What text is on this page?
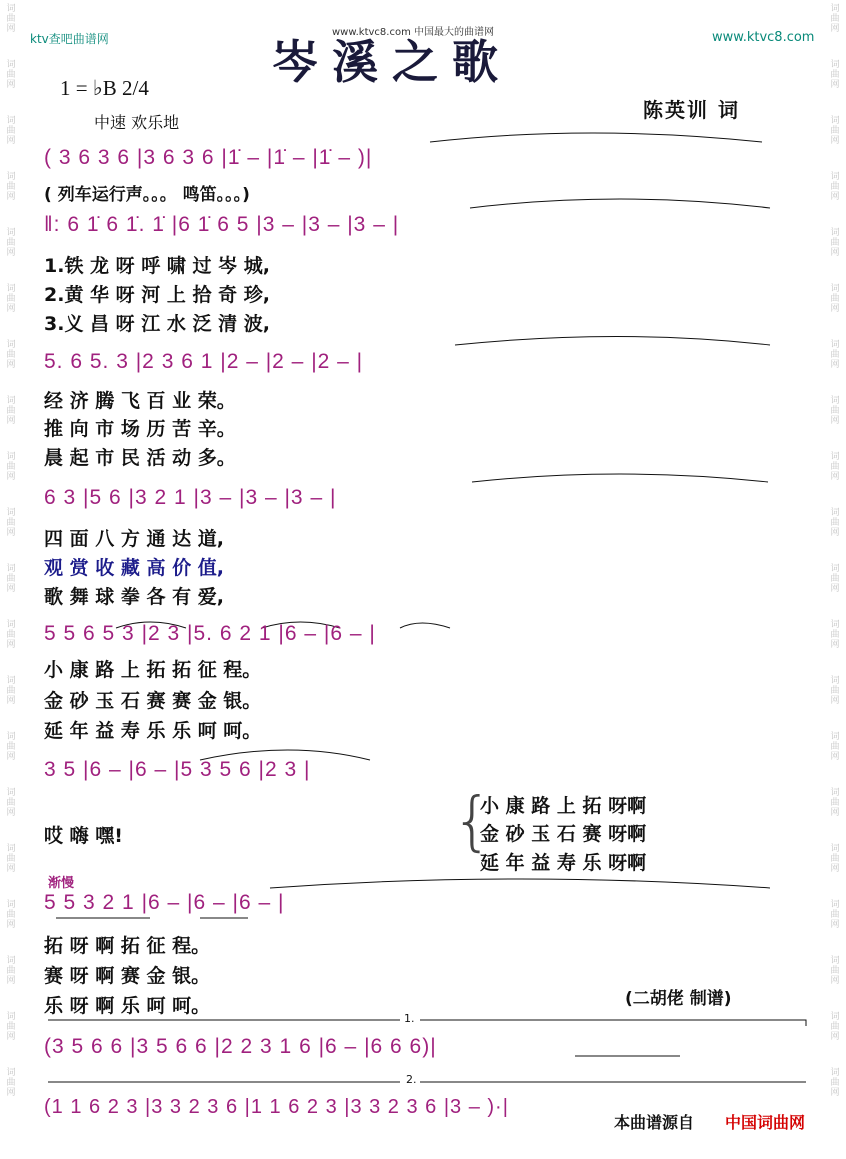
词
曲
网
词
曲
网
词
曲
网
词
曲
网
词
曲
网
词
曲
网
词
曲
网
词
曲
网
词
曲
网
词
曲
网
词
曲
网
词
曲
网
词
曲
网
词
曲
网
词
曲
网
词
曲
网
词
曲
网
词
曲
网
词
曲
网
词
曲
网
词
曲
网
词
曲
网
词
曲
网
词
曲
网
词
曲
网
词
曲
网
词
曲
网
词
曲
网
词
曲
网
词
曲
网
词
曲
网
词
曲
网
词
曲
网
词
曲
网
词
曲
网
词
曲
网
词
曲
网
词
曲
网
词
曲
网
词
曲
网
ktv查吧曲谱网	www.ktvc8.com 中国最大的曲谱网	www.ktvc8.com
岑溪之歌
1 = ♭B 2/4
中速 欢乐地
陈英训 词
( 3 6 3 6 |3 6 3 6 |1̇ – |1̇ – |1̇ – )|
( 列车运行声。。。 鸣笛。。。)
‖: 6 1̇ 6 1̇. 1̇ |6 1̇ 6 5 |3 – |3 – |3 – |
1.铁 龙 呀 呼 啸 过 岑 城,
2.黄 华 呀 河 上 拾 奇 珍,
3.义 昌 呀 江 水 泛 清 波,
5. 6 5. 3 |2 3 6 1 |2 – |2 – |2 – |
经 济 腾 飞 百 业 荣。
推 向 市 场 历 苦 辛。
晨 起 市 民 活 动 多。
6 3 |5 6 |3 2 1 |3 – |3 – |3 – |
四 面 八 方 通 达 道,
观 赏 收 藏 高 价 值,
歌 舞 球 拳 各 有 爱,
5 5 6 5 3 |2 3 |5. 6 2 1 |6 – |6 – |
小 康 路 上 拓 拓 征 程。
金 砂 玉 石 赛 赛 金 银。
延 年 益 寿 乐 乐 呵 呵。
3 5 |6 – |6 – |5 3 5 6 |2 3 |
哎 嗨 嘿!	{
小 康 路 上 拓 呀啊
金 砂 玉 石 赛 呀啊
延 年 益 寿 乐 呀啊
渐慢
5 5 3 2 1 |6 – |6 – |6 – |
拓 呀 啊 拓 征 程。
赛 呀 啊 赛 金 银。
乐 呀 啊 乐 呵 呵。	(二胡佬 制谱)
1.
(3 5 6 6 |3 5 6 6 |2 2 3 1 6 |6 – |6 6 6)|
2.
(1 1 6 2 3 |3 3 2 3 6 |1 1 6 2 3 |3 3 2 3 6 |3 – )·|
本曲谱源自 中国词曲网
